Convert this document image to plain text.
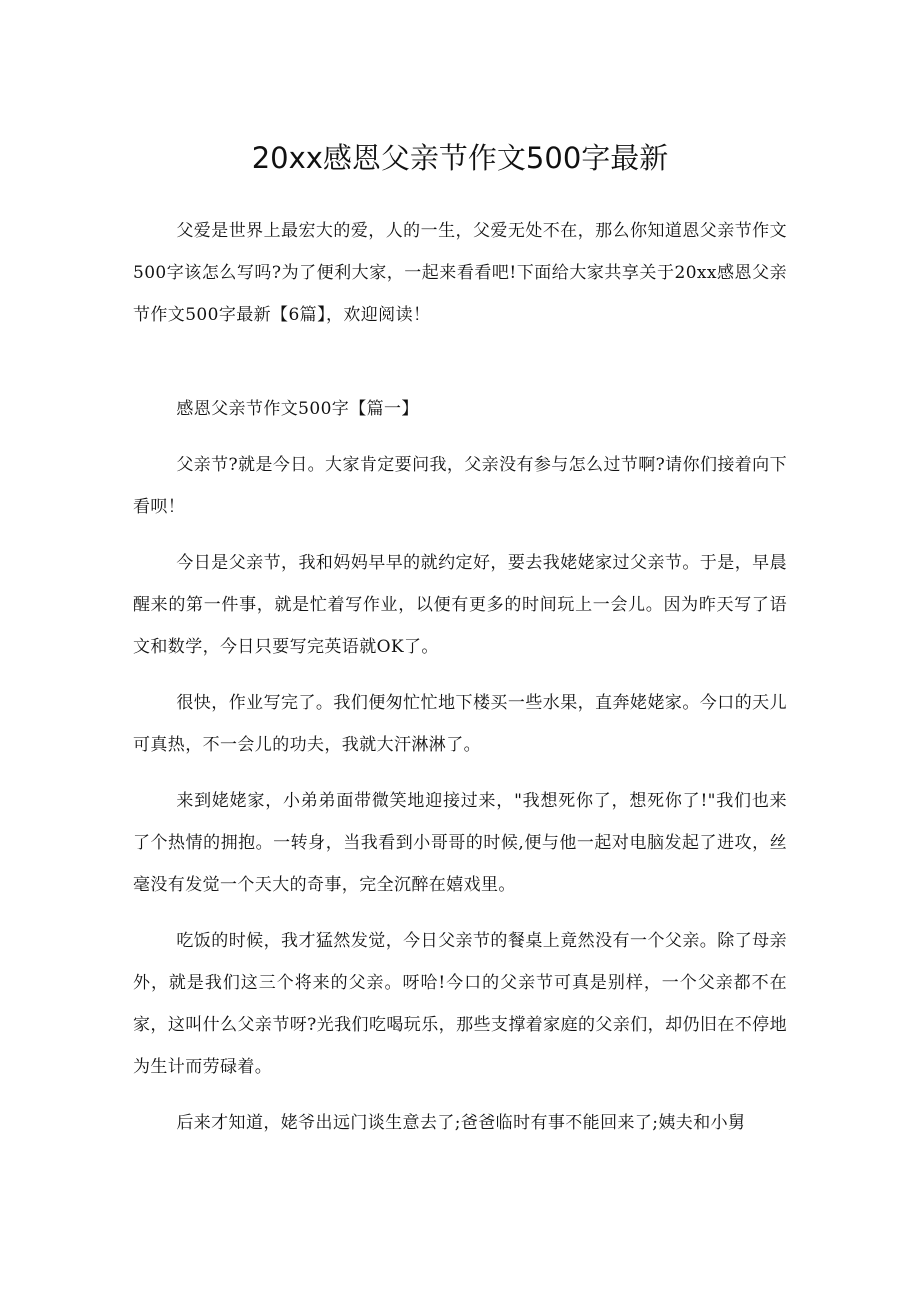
20xx感恩父亲节作文500字最新

父爱是世界上最宏大的爱，人的一生，父爱无处不在，那么你知道恩父亲节作文500字该怎么写吗?为了便利大家，一起来看看吧!下面给大家共享关于20xx感恩父亲节作文500字最新【6篇】，欢迎阅读！

感恩父亲节作文500字【篇一】

父亲节?就是今日。大家肯定要问我，父亲没有参与怎么过节啊?请你们接着向下看呗！

今日是父亲节，我和妈妈早早的就约定好，要去我姥姥家过父亲节。于是，早晨醒来的第一件事，就是忙着写作业，以便有更多的时间玩上一会儿。因为昨天写了语文和数学，今日只要写完英语就OK了。

很快，作业写完了。我们便匆忙忙地下楼买一些水果，直奔姥姥家。今口的天儿可真热，不一会儿的功夫，我就大汗淋淋了。

来到姥姥家，小弟弟面带微笑地迎接过来，"我想死你了，想死你了!"我们也来了个热情的拥抱。一转身，当我看到小哥哥的时候,便与他一起对电脑发起了进攻，丝毫没有发觉一个天大的奇事，完全沉醉在嬉戏里。

吃饭的时候，我才猛然发觉，今日父亲节的餐桌上竟然没有一个父亲。除了母亲外，就是我们这三个将来的父亲。呀哈!今口的父亲节可真是别样，一个父亲都不在家，这叫什么父亲节呀?光我们吃喝玩乐，那些支撑着家庭的父亲们，却仍旧在不停地为生计而劳碌着。

后来才知道，姥爷出远门谈生意去了;爸爸临时有事不能回来了;姨夫和小舅
